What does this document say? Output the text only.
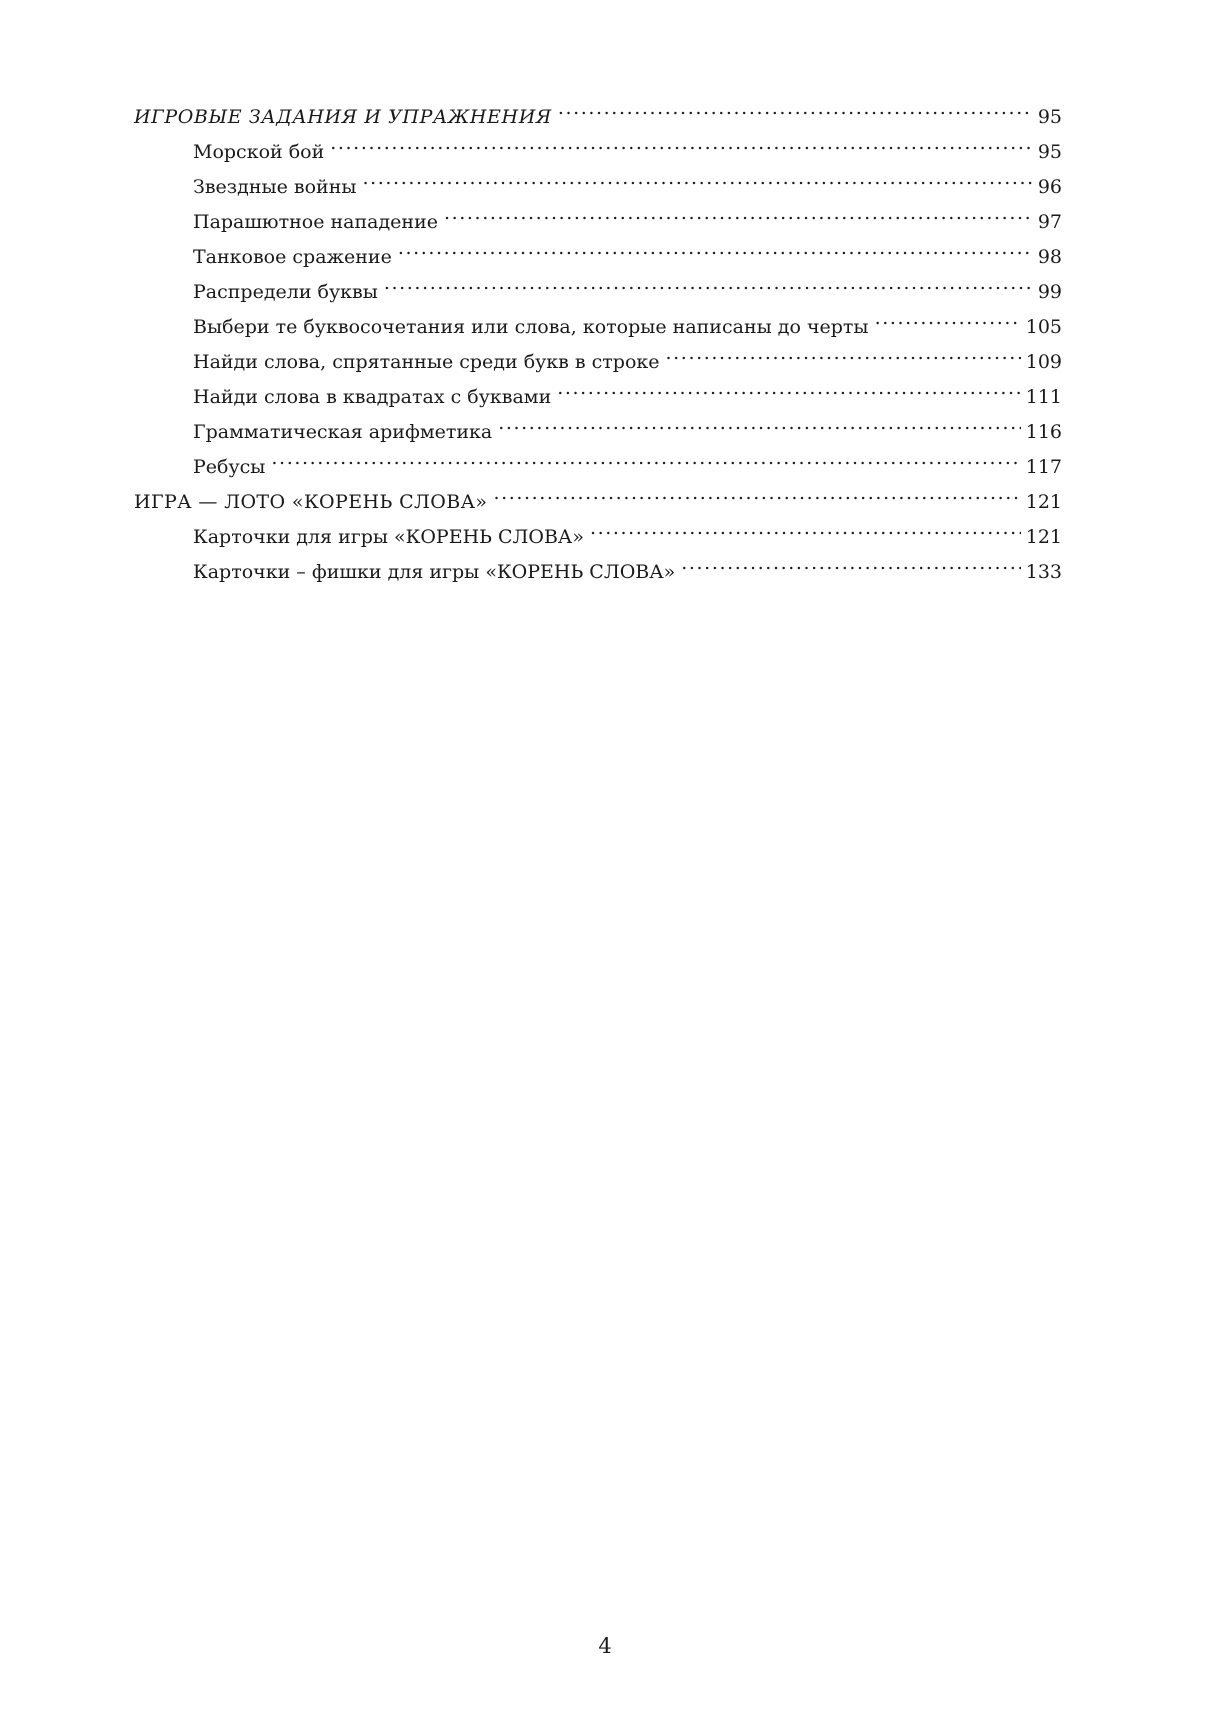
ИГРОВЫЕ ЗАДАНИЯ И УПРАЖНЕНИЯ .....	95
Морской бой .....	95
Звездные войны .....	96
Парашютное нападение .....	97
Танковое сражение .....	98
Распредели буквы .....	99
Выбери те буквосочетания или слова, которые написаны до черты .....	105
Найди слова, спрятанные среди букв в строке .....	109
Найди слова в квадратах с буквами .....	111
Грамматическая арифметика .....	116
Ребусы .....	117
ИГРА — ЛОТО «КОРЕНЬ СЛОВА» .....	121
Карточки для игры «КОРЕНЬ СЛОВА» .....	121
Карточки – фишки для игры «КОРЕНЬ СЛОВА» .....	133
4
